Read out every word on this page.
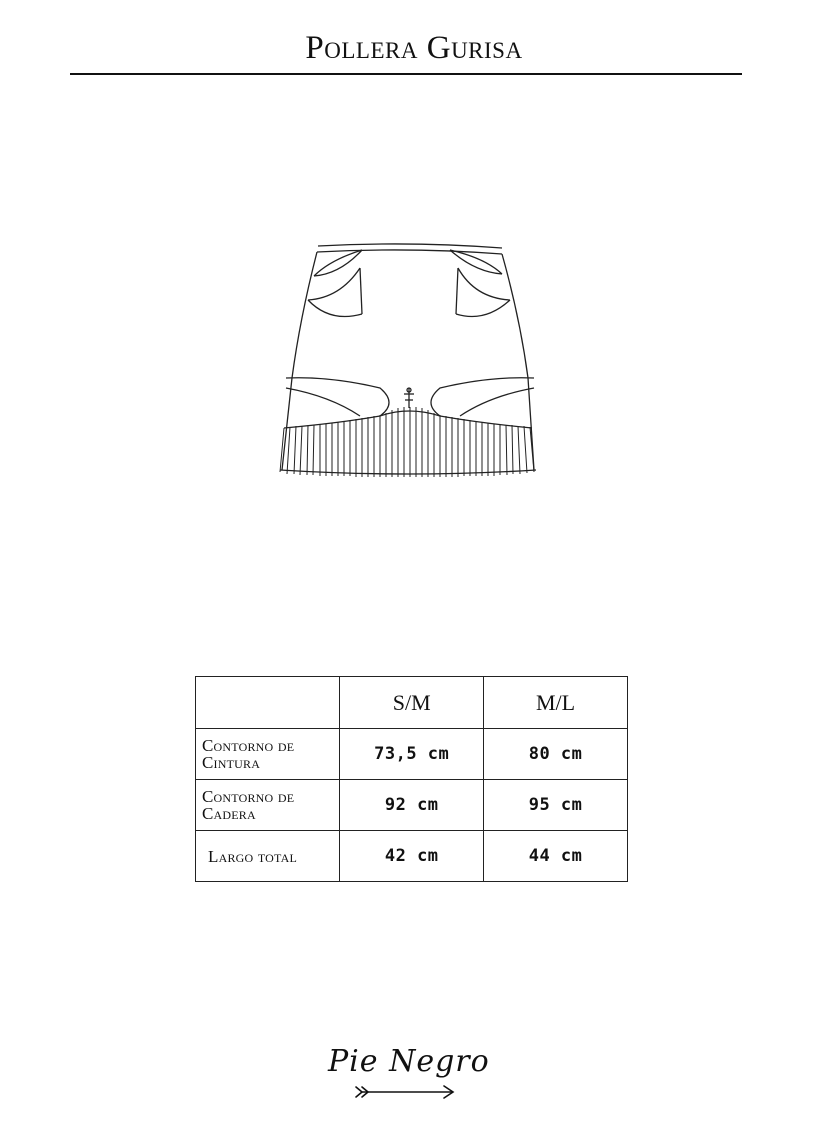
Pollera Gurisa
	S/M	M/L
Contorno de Cintura	73,5 cm	80 cm
Contorno de Cadera	92 cm	95 cm
Largo total	42 cm	44 cm
Pie Negro
